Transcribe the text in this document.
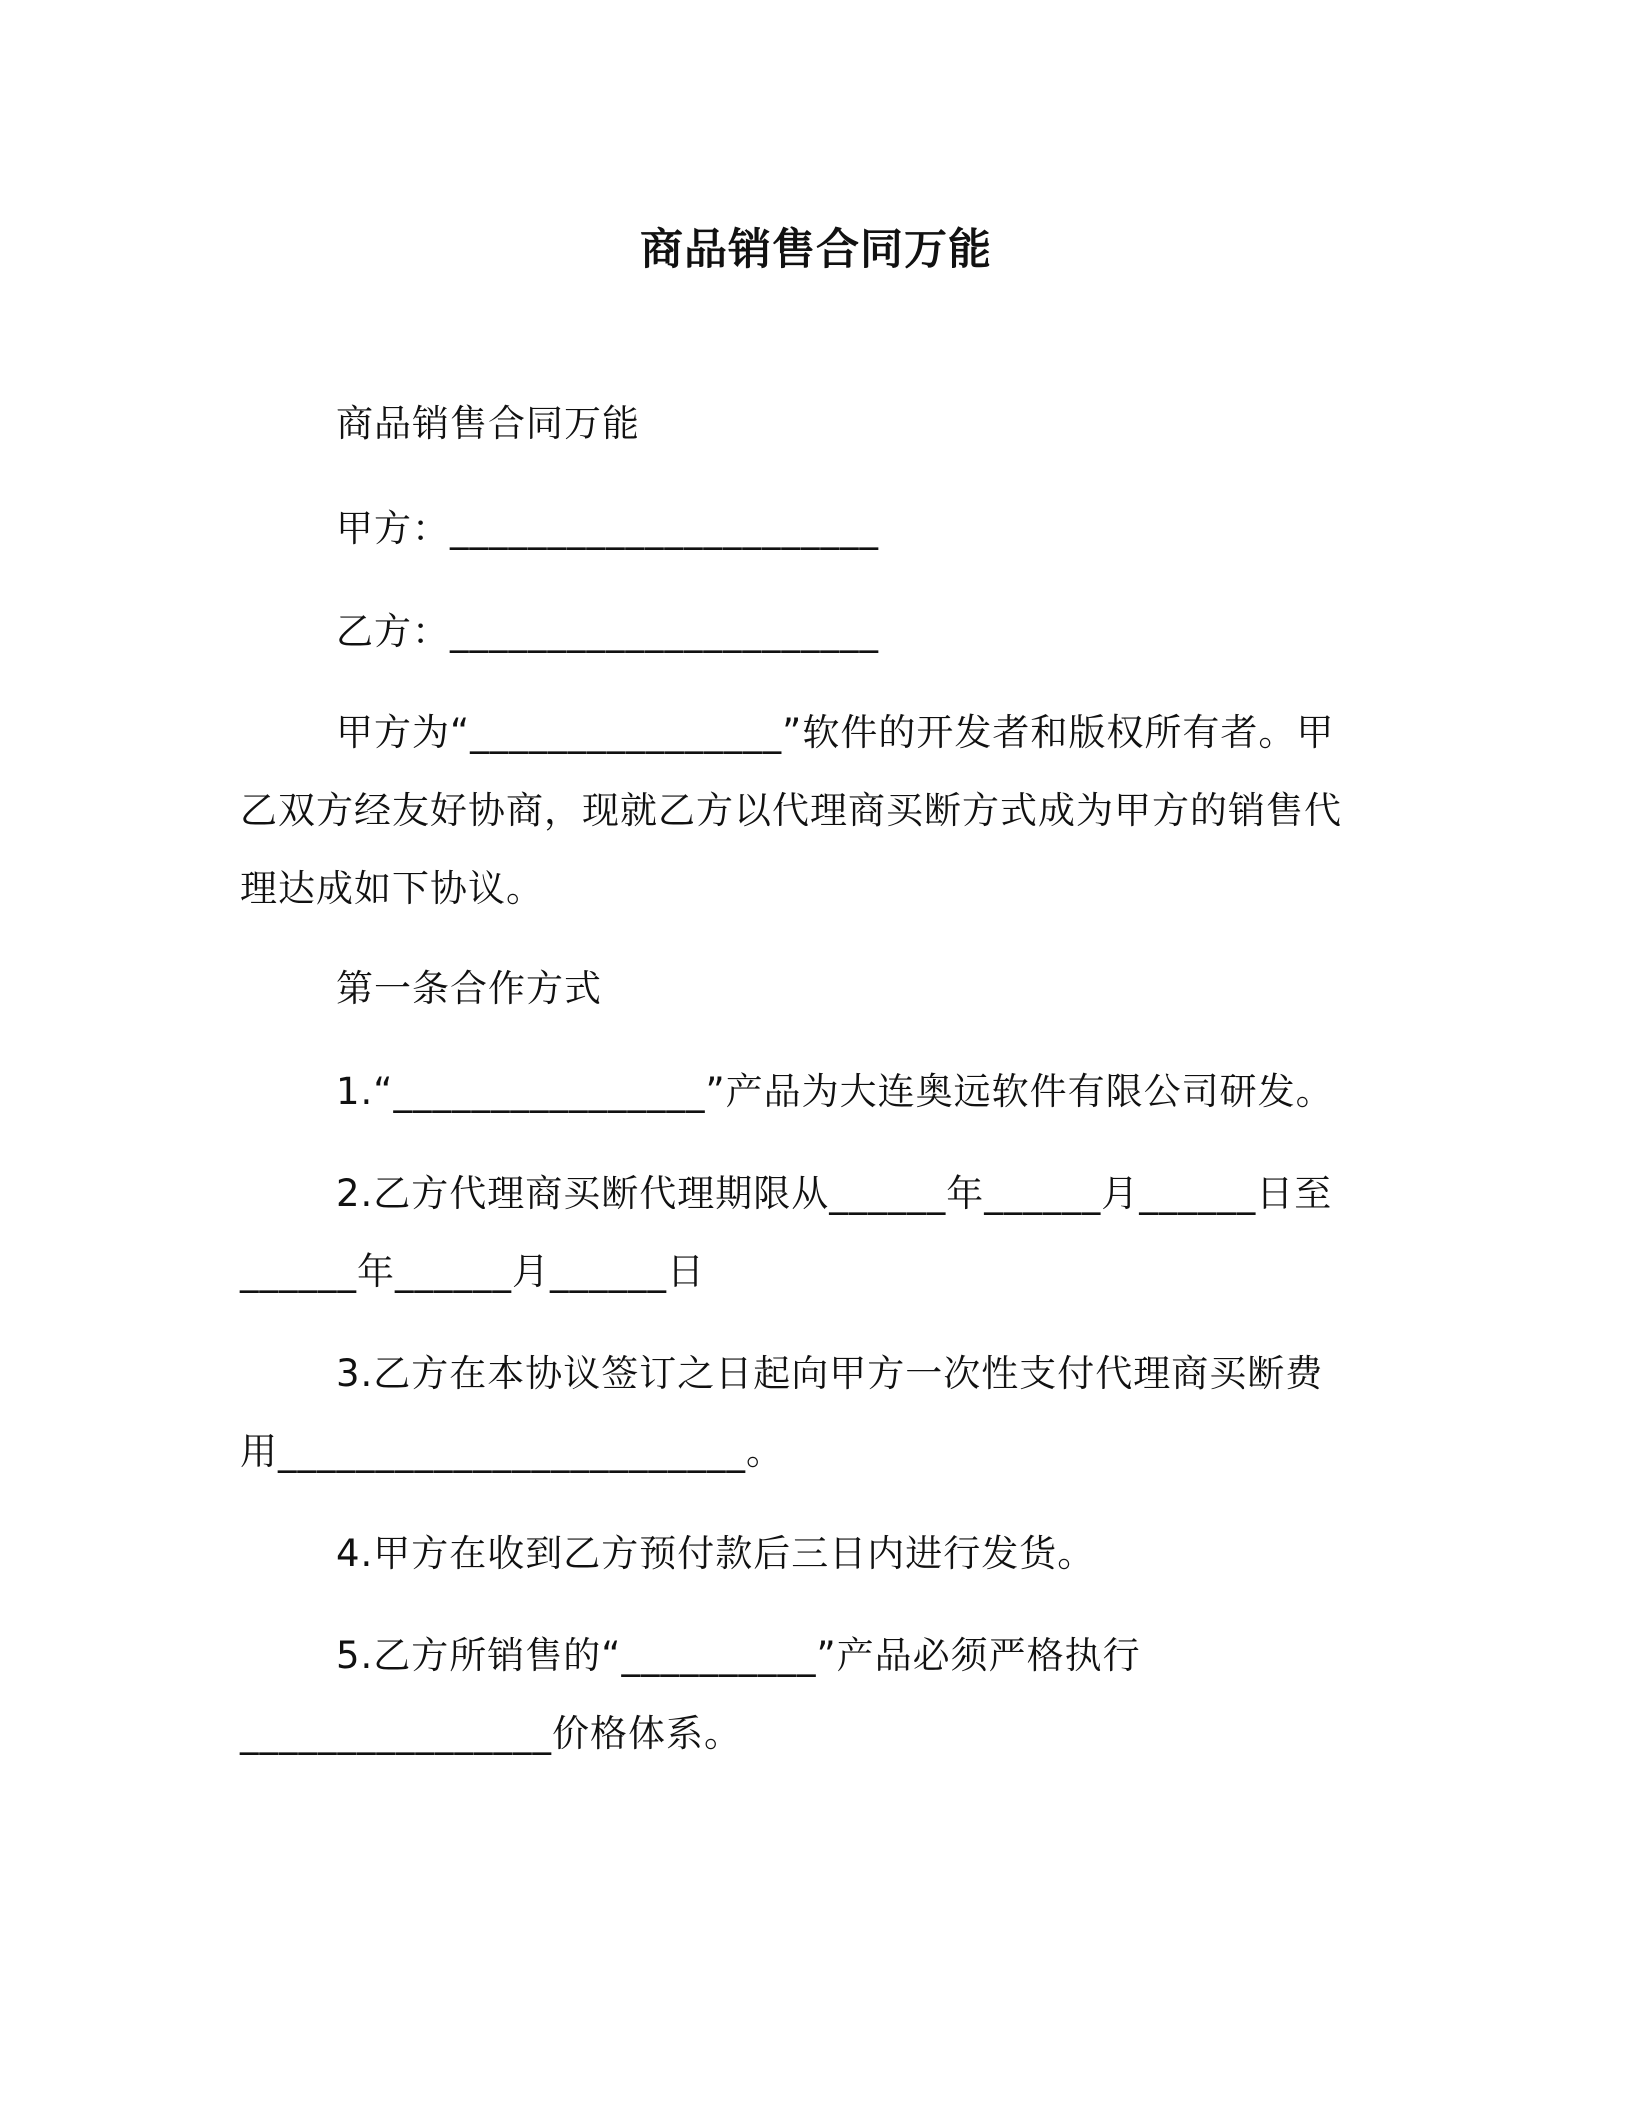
商品销售合同万能

商品销售合同万能

甲方：______________________

乙方：______________________

甲方为“________________”软件的开发者和版权所有者。甲乙双方经友好协商，现就乙方以代理商买断方式成为甲方的销售代理达成如下协议。

第一条合作方式

1.“________________”产品为大连奥远软件有限公司研发。

2.乙方代理商买断代理期限从______年______月______日至______年______月______日

3.乙方在本协议签订之日起向甲方一次性支付代理商买断费用________________________。

4.甲方在收到乙方预付款后三日内进行发货。

5.乙方所销售的“__________”产品必须严格执行________________价格体系。
